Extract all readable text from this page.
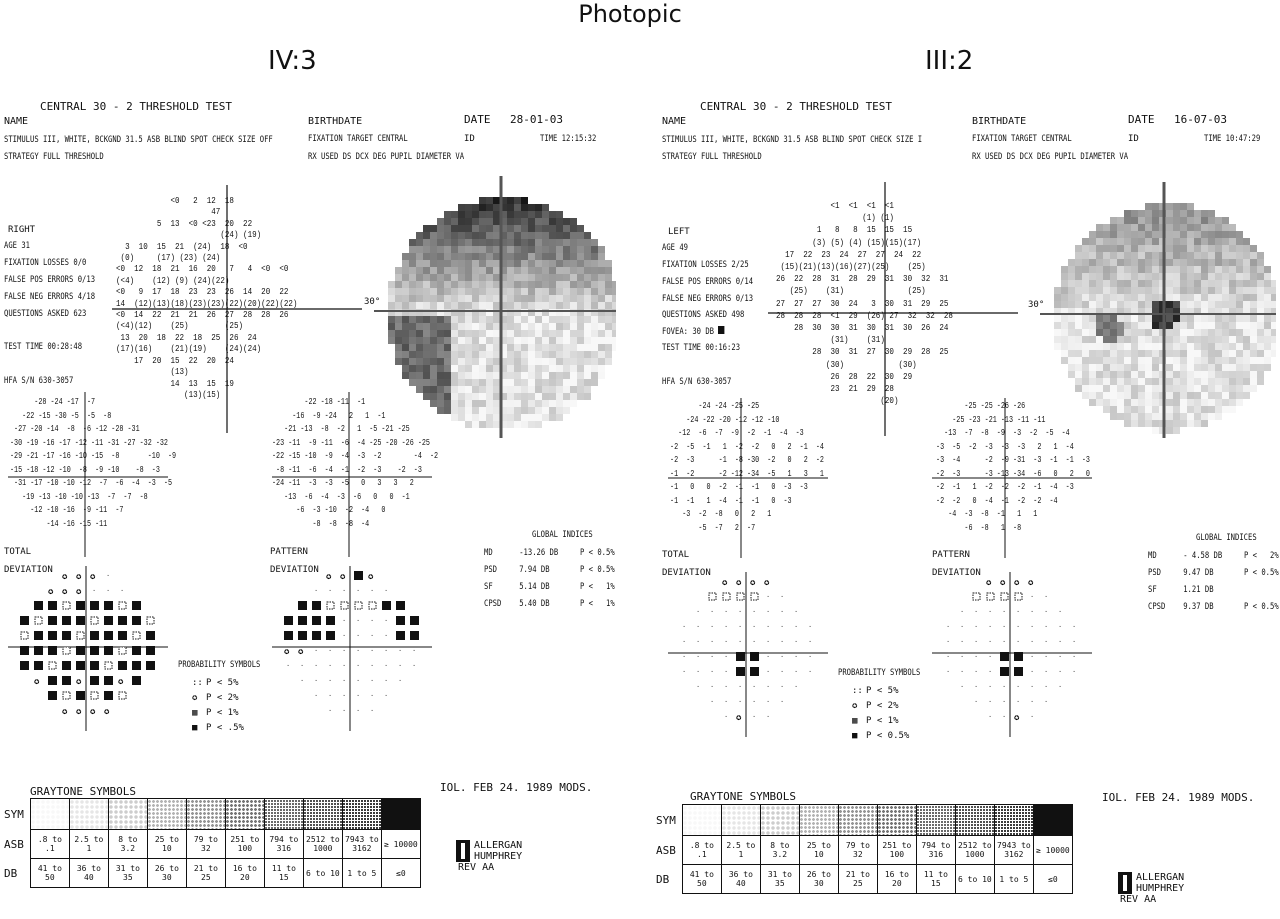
Photopic
IV:3
CENTRAL 30 - 2 THRESHOLD TEST
NAME	BIRTHDATE	DATE 28-01-03
STIMULUS III, WHITE, BCKGND 31.5 ASB BLIND SPOT CHECK SIZE OFF
STRATEGY FULL THRESHOLD
FIXATION TARGET CENTRAL
RX USED DS DCX DEG PUPIL DIAMETER VA
ID	TIME 12:15:32
RIGHT
AGE 31
FIXATION LOSSES 0/0
FALSE POS ERRORS 0/13
FALSE NEG ERRORS 4/18
QUESTIONS ASKED 623
TEST TIME 00:28:48
HFA S/N 630-3057
<0   2  12  18
47
5  13  <0 <23  20  22
(24) (19)
3  10  15  21  (24)  18  <0
(0)     (17) (23) (24)
<0  12  18  21  16  20   7   4  <0  <0
(<4)    (12) (9) (24)(22)
<0   9  17  18  23  23  26  14  20  22
14  (12)(13)(18)(23)(23)(22)(20)(22)(22)
<0  14  22  21  21  26  27  28  28  26
(<4)(12)    (25)        (25)
13  20  18  22  18  25  26  24
(17)(16)    (21)(19)    (24)(24)
17  20  15  22  20  24
(13)
14  13  15  19
(13)(15)
30°
-28 -24 -17  -7
-22 -15 -30 -5  -5  -8
-27 -20 -14  -8  -6 -12 -28 -31
-30 -19 -16 -17 -12 -11 -31 -27 -32 -32
-29 -21 -17 -16 -10 -15  -8       -10  -9
-15 -18 -12 -10  -8  -9 -10    -8  -3
-31 -17 -10 -10 -12  -7  -6  -4  -3  -5
-19 -13 -10 -10 -13  -7  -7  -8
-12 -10 -16  -9 -11  -7
-14 -16 -15 -11
-22 -18 -11  -1
-16  -9 -24   2   1  -1
-21 -13  -8  -2   1  -5 -21 -25
-23 -11  -9 -11  -6  -4 -25 -20 -26 -25
-22 -15 -10  -9  -4  -3  -2        -4  -2
-8 -11  -6  -4  -1  -2  -3    -2  -3
-24 -11  -3  -3  -5   0   3   3   2
-13  -6  -4  -3  -6   0   0  -1
-6  -3 -10  -2  -4   0
-8  -8  -8  -4
TOTAL
DEVIATION
PATTERN
DEVIATION
GLOBAL INDICES
MD	-13.26 DB P < 0.5%
PSD 7.94 DB	P < 0.5%
SF	5.14 DB	P <   1%
CPSD 5.40 DB	P <   1%
✪ ✪ ✪ ·
✪ ✪ ✪ · · ·
✪	✪	✪
✪ ✪ ✪ ✪
✪ ✪	✪
· · · · · ·
· · · ·
· · · ·
✪ ✪ · · · · · · · ·
· · · · · · · · · ·
· · · · · · · ·
· · · · · ·
· · · ·
PROBABILITY SYMBOLS
:: P < 5%
✪ P < 2%
▦ P < 1%
■ P < .5%
IOL. FEB 24. 1989 MODS.
III:2
CENTRAL 30 - 2 THRESHOLD TEST
NAME	BIRTHDATE	DATE 16-07-03
STIMULUS III, WHITE, BCKGND 31.5 ASB BLIND SPOT CHECK SIZE I
STRATEGY FULL THRESHOLD
FIXATION TARGET CENTRAL
RX USED DS DCX DEG PUPIL DIAMETER VA
ID	TIME 10:47:29
LEFT
AGE 49
FIXATION LOSSES 2/25
FALSE POS ERRORS 0/14
FALSE NEG ERRORS 0/13
QUESTIONS ASKED 498
FOVEA: 30 DB
TEST TIME 00:16:23
HFA S/N 630-3057
<1  <1  <1  <1
(1) (1)
1   8   8  15  15  15
(3) (5) (4) (15)(15)(17)
17  22  23  24  27  27  24  22
(15)(21)(13)(16)(27)(25)    (25)
26  22  28  31  28  29  31  30  32  31
(25)    (31)              (25)
27  27  27  30  24   3  30  31  29  25
28  28  28  <1  29  (26) 27  32  32  28
28  30  30  31  30  31  30  26  24
(31)    (31)
28  30  31  27  30  29  28  25
(30)            (30)
26  28  22  30  29
23  21  29  28
(20)
30°
-24 -24 -25 -25
-24 -22 -20 -12 -12 -10
-12  -6  -7  -9  -2  -1  -4  -3
-2  -5  -1   1  -2  -2   0   2  -1  -4
-2  -3      -1  -8 -30  -2   0   2  -2
-1  -2      -2 -12 -34  -5   1   3   1
-1   0   0  -2  -1  -1   0  -3  -3
-1  -1   1  -4  -1  -1   0  -3
-3  -2  -8   0   2   1
-5  -7   2  -7
-25 -25 -26 -26
-25 -23 -21 -13 -11 -11
-13  -7  -8  -9  -3  -2  -5  -4
-3  -5  -2  -3  -3  -3   2   1  -4
-3  -4      -2  -9 -31  -3  -1  -1  -3
-2  -3      -3 -13 -34  -6   0   2   0
-2  -1   1  -2  -2  -2  -1  -4  -3
-2  -2   0  -4  -1  -2  -2  -4
-4  -3  -8  -1   1   1
-6  -8   1  -8
TOTAL
DEVIATION
PATTERN
DEVIATION
GLOBAL INDICES
MD	- 4.58 DB P <   2%
PSD 9.47 DB	P < 0.5%
SF	1.21 DB
CPSD 9.37 DB	P < 0.5%
✪ ✪ ✪ ✪
· ·
· · · · · · · ·
· · · · · · · · · ·
· · · · · · · · · ·
· · · ·	· · · ·
· · · ·	· · · ·
· · · · · · · ·
· · · · · ·
· ✪ · ·
✪ ✪ ✪ ✪
· ·
· · · · · · · ·
· · · · · · · · · ·
· · · · · · · · · ·
· · · ·	· · · ·
· · · ·	· · · ·
· · · · · · · ·
· · · · · ·
· · ✪ ·
PROBABILITY SYMBOLS
:: P < 5%
✪ P < 2%
▦ P < 1%
■ P < 0.5%
IOL. FEB 24. 1989 MODS.
GRAYTONE SYMBOLS
SYM										
ASB	.8 to .1	2.5 to 1	8 to 3.2	25 to 10	79 to 32	251 to 100	794 to 316	2512 to 1000	7943 to 3162	≥ 10000
DB	41 to 50	36 to 40	31 to 35	26 to 30	21 to 25	16 to 20	11 to 15	6 to 10	1 to 5	≤0
GRAYTONE SYMBOLS
SYM										
ASB	.8 to .1	2.5 to 1	8 to 3.2	25 to 10	79 to 32	251 to 100	794 to 316	2512 to 1000	7943 to 3162	≥ 10000
DB	41 to 50	36 to 40	31 to 35	26 to 30	21 to 25	16 to 20	11 to 15	6 to 10	1 to 5	≤0
ALLERGAN
HUMPHREY
REV AA
ALLERGAN
HUMPHREY
REV AA
